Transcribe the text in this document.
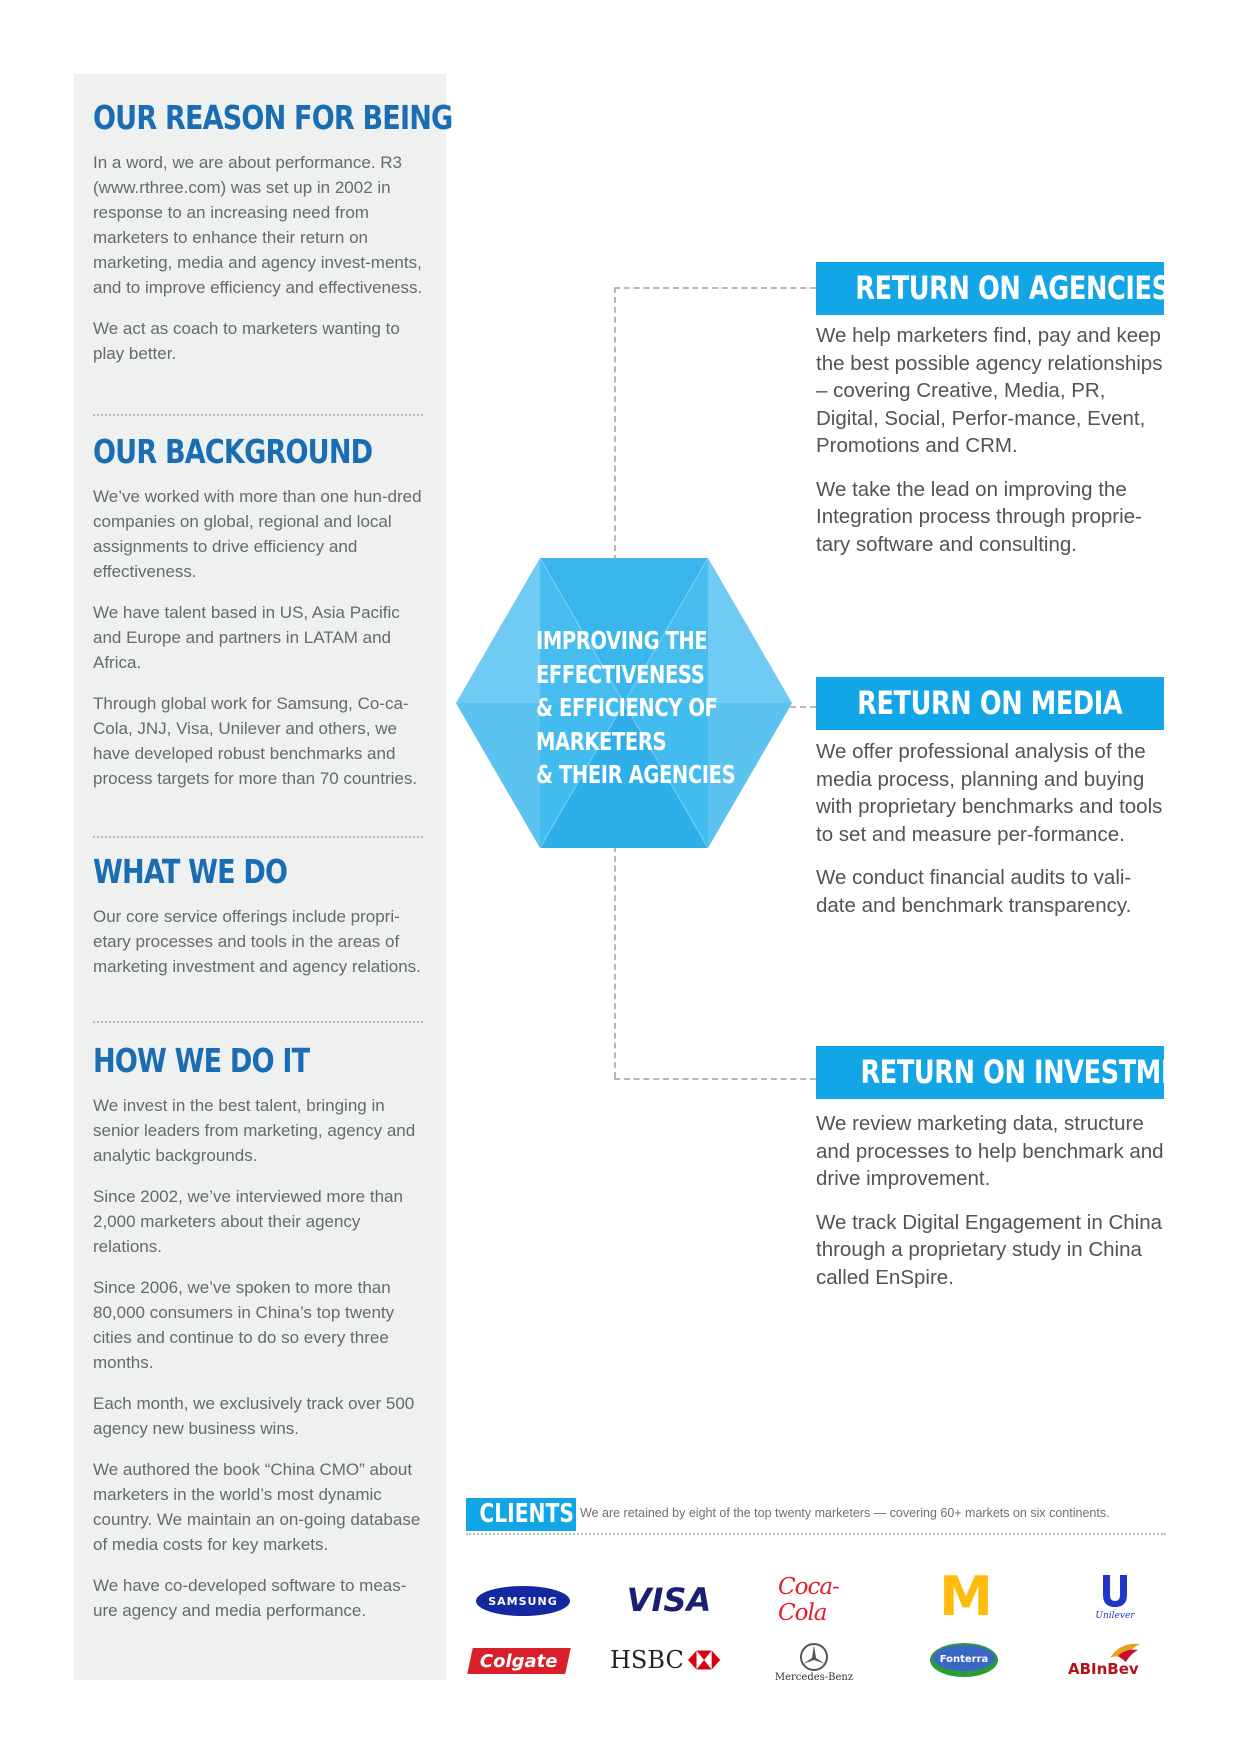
OUR REASON FOR BEING

In a word, we are about performance. R3 (www.rthree.com) was set up in 2002 in response to an increasing need from marketers to enhance their return on marketing, media and agency invest-ments, and to improve efficiency and effectiveness.

We act as coach to marketers wanting to play better.

OUR BACKGROUND

We’ve worked with more than one hun-dred companies on global, regional and local assignments to drive efficiency and effectiveness.

We have talent based in US, Asia Pacific and Europe and partners in LATAM and Africa.

Through global work for Samsung, Co-ca-Cola, JNJ, Visa, Unilever and others, we have developed robust benchmarks and process targets for more than 70 countries.

WHAT WE DO

Our core service offerings include propri-etary processes and tools in the areas of marketing investment and agency relations.

HOW WE DO IT

We invest in the best talent, bringing in senior leaders from marketing, agency and analytic backgrounds.

Since 2002, we’ve interviewed more than 2,000 marketers about their agency relations.

Since 2006, we’ve spoken to more than 80,000 consumers in China’s top twenty cities and continue to do so every three months.

Each month, we exclusively track over 500 agency new business wins.

We authored the book “China CMO” about marketers in the world’s most dynamic country. We maintain an on-going database of media costs for key markets.

We have co-developed software to meas-ure agency and media performance.

IMPROVING THE
EFFECTIVENESS
& EFFICIENCY OF
MARKETERS
& THEIR AGENCIES
RETURN ON AGENCIES

We help marketers find, pay and keep the best possible agency relationships – covering Creative, Media, PR, Digital, Social, Perfor-mance, Event, Promotions and CRM.

We take the lead on improving the Integration process through proprie-tary software and consulting.

RETURN ON MEDIA

We offer professional analysis of the media process, planning and buying with proprietary benchmarks and tools to set and measure per-formance.

We conduct financial audits to vali-date and benchmark transparency.

RETURN ON INVESTMENT

We review marketing data, structure and processes to help benchmark and drive improvement.

We track Digital Engagement in China through a proprietary study in China called EnSpire.

CLIENTS We are retained by eight of the top twenty marketers — covering 60+ markets on six continents.
SAMSUNG VISA	Coca-Cola	M	Unilever
Colgate HSBC
Mercedes-Benz
Fonterra
ABInBev
